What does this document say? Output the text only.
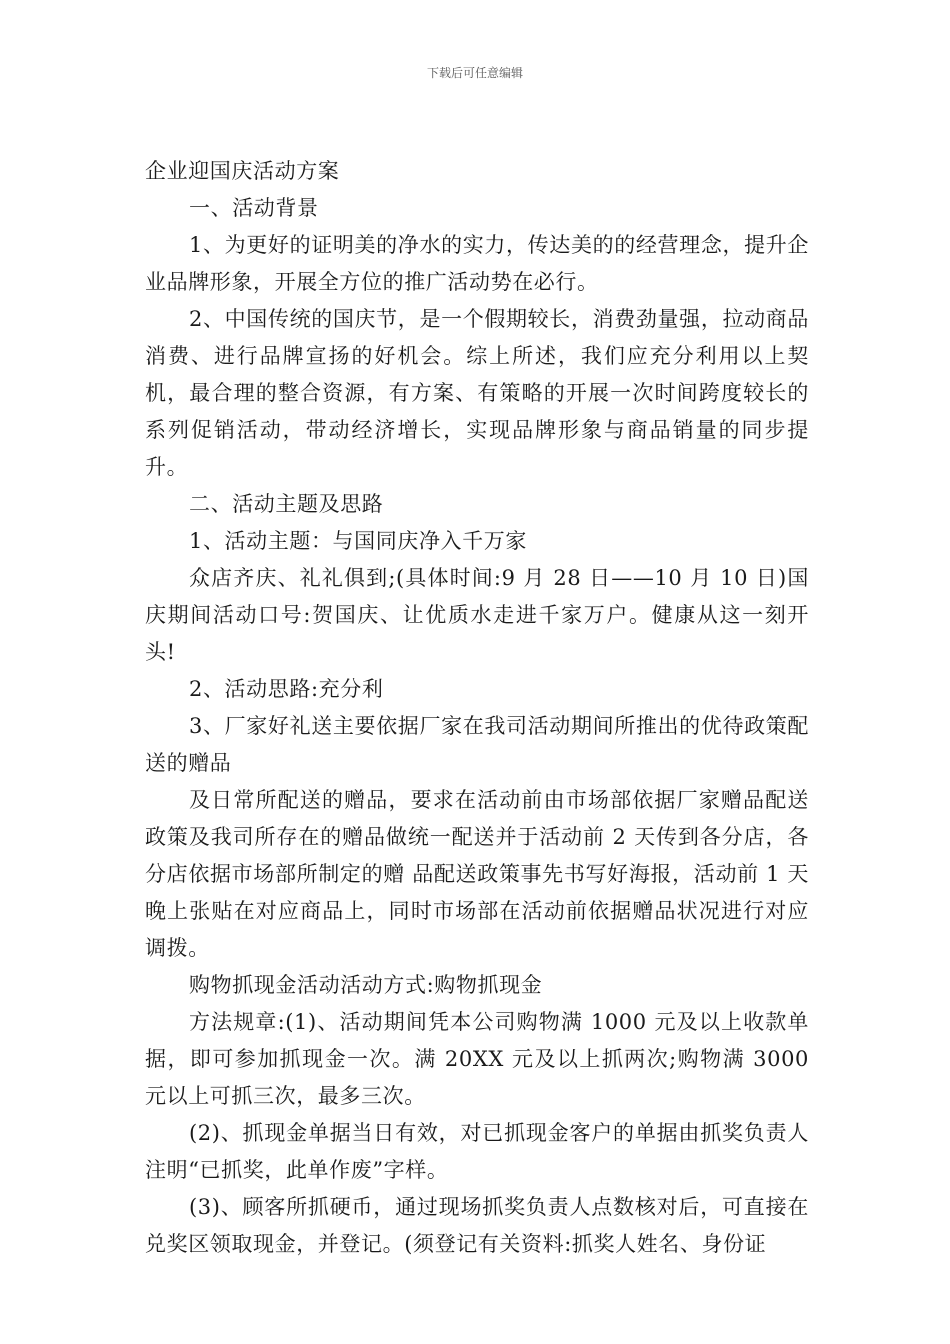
下载后可任意编辑

企业迎国庆活动方案

一、活动背景

1、为更好的证明美的净水的实力，传达美的的经营理念，提升企业品牌形象，开展全方位的推广活动势在必行。

2、中国传统的国庆节，是一个假期较长，消费劲量强，拉动商品消费、进行品牌宣扬的好机会。综上所述，我们应充分利用以上契机，最合理的整合资源，有方案、有策略的开展一次时间跨度较长的系列促销活动，带动经济增长，实现品牌形象与商品销量的同步提升。

二、活动主题及思路

1、活动主题：与国同庆净入千万家

众店齐庆、礼礼俱到;(具体时间:9 月 28 日——10 月 10 日)国庆期间活动口号:贺国庆、让优质水走进千家万户。健康从这一刻开头!

2、活动思路:充分利

3、厂家好礼送主要依据厂家在我司活动期间所推出的优待政策配送的赠品

及日常所配送的赠品，要求在活动前由市场部依据厂家赠品配送政策及我司所存在的赠品做统一配送并于活动前 2 天传到各分店，各分店依据市场部所制定的赠 品配送政策事先书写好海报，活动前 1 天晚上张贴在对应商品上，同时市场部在活动前依据赠品状况进行对应调拨。

购物抓现金活动活动方式:购物抓现金

方法规章:(1)、活动期间凭本公司购物满 1000 元及以上收款单据，即可参加抓现金一次。满 20XX 元及以上抓两次;购物满 3000 元以上可抓三次，最多三次。

(2)、抓现金单据当日有效，对已抓现金客户的单据由抓奖负责人注明“已抓奖，此单作废”字样。

(3)、顾客所抓硬币，通过现场抓奖负责人点数核对后，可直接在兑奖区领取现金，并登记。(须登记有关资料:抓奖人姓名、身份证
